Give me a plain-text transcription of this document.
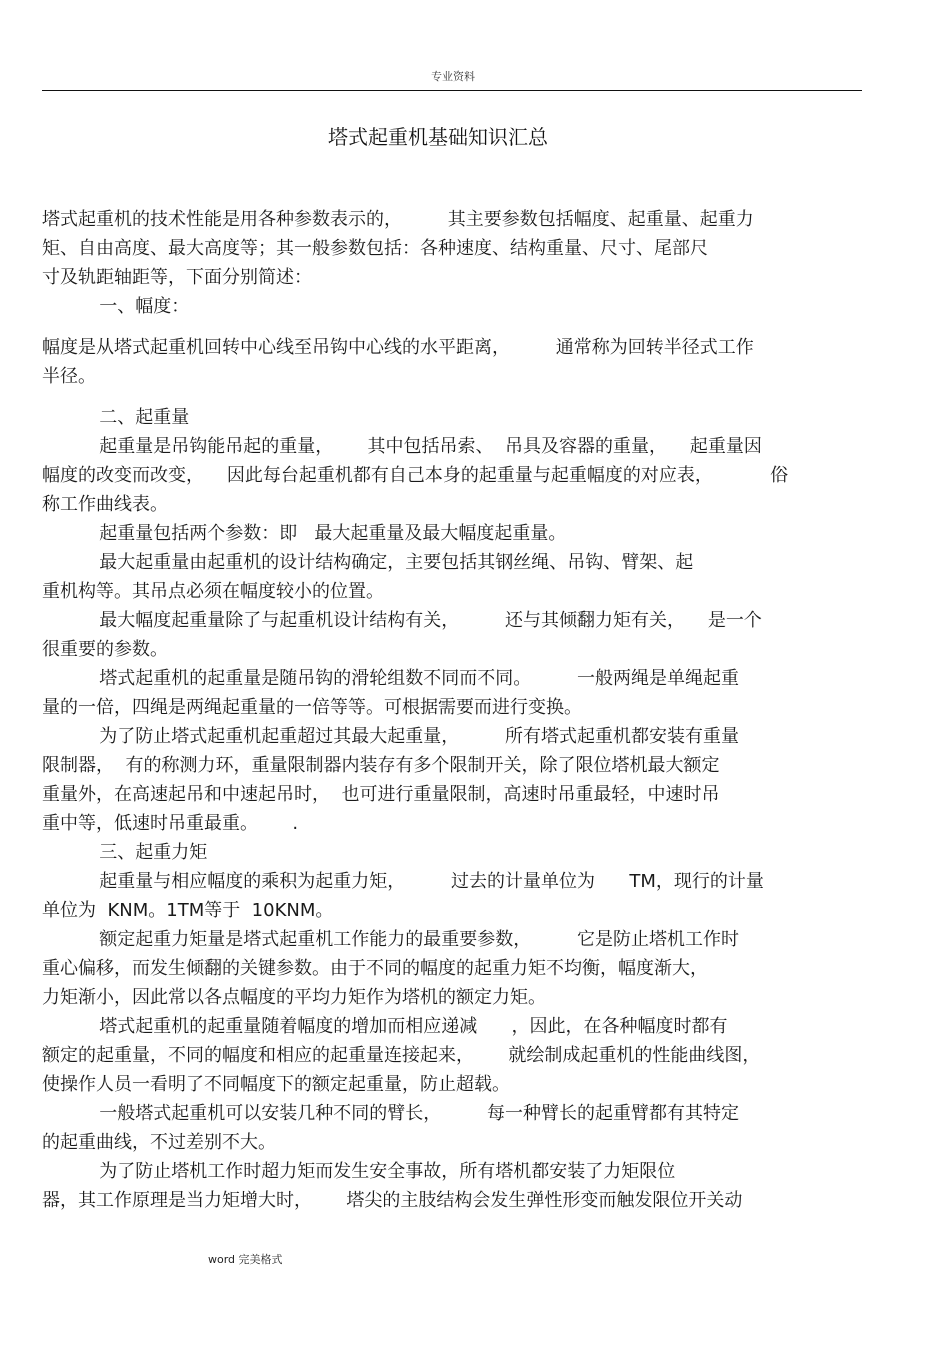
专业资料
塔式起重机基础知识汇总
塔式起重机的技术性能是用各种参数表示的，        其主要参数包括幅度、起重量、起重力
矩、自由高度、最大高度等；其一般参数包括：各种速度、结构重量、尺寸、尾部尺
寸及轨距轴距等，下面分别简述：
一、幅度：
幅度是从塔式起重机回转中心线至吊钩中心线的水平距离，        通常称为回转半径式工作
半径。
二、起重量
起重量是吊钩能吊起的重量，      其中包括吊索、  吊具及容器的重量，    起重量因
幅度的改变而改变，    因此每台起重机都有自己本身的起重量与起重幅度的对应表，          俗
称工作曲线表。
起重量包括两个参数：即   最大起重量及最大幅度起重量。
最大起重量由起重机的设计结构确定，主要包括其钢丝绳、吊钩、臂架、起
重机构等。其吊点必须在幅度较小的位置。
最大幅度起重量除了与起重机设计结构有关，        还与其倾翻力矩有关，    是一个
很重要的参数。
塔式起重机的起重量是随吊钩的滑轮组数不同而不同。        一般两绳是单绳起重
量的一倍，四绳是两绳起重量的一倍等等。可根据需要而进行变换。
为了防止塔式起重机起重超过其最大起重量，        所有塔式起重机都安装有重量
限制器，  有的称测力环，重量限制器内装存有多个限制开关，除了限位塔机最大额定
重量外，在高速起吊和中速起吊时，  也可进行重量限制，高速时吊重最轻，中速时吊
重中等，低速时吊重最重。      .
三、起重力矩
起重量与相应幅度的乘积为起重力矩，        过去的计量单位为      TM，现行的计量
单位为  KNM。1TM等于  10KNM。
额定起重力矩量是塔式起重机工作能力的最重要参数，        它是防止塔机工作时
重心偏移，而发生倾翻的关键参数。由于不同的幅度的起重力矩不均衡，幅度渐大，
力矩渐小，因此常以各点幅度的平均力矩作为塔机的额定力矩。
塔式起重机的起重量随着幅度的增加而相应递减      ，因此，在各种幅度时都有
额定的起重量，不同的幅度和相应的起重量连接起来，      就绘制成起重机的性能曲线图，
使操作人员一看明了不同幅度下的额定起重量，防止超载。
一般塔式起重机可以安装几种不同的臂长，        每一种臂长的起重臂都有其特定
的起重曲线，不过差别不大。
为了防止塔机工作时超力矩而发生安全事故，所有塔机都安装了力矩限位
器，其工作原理是当力矩增大时，      塔尖的主肢结构会发生弹性形变而触发限位开关动
word 完美格式
